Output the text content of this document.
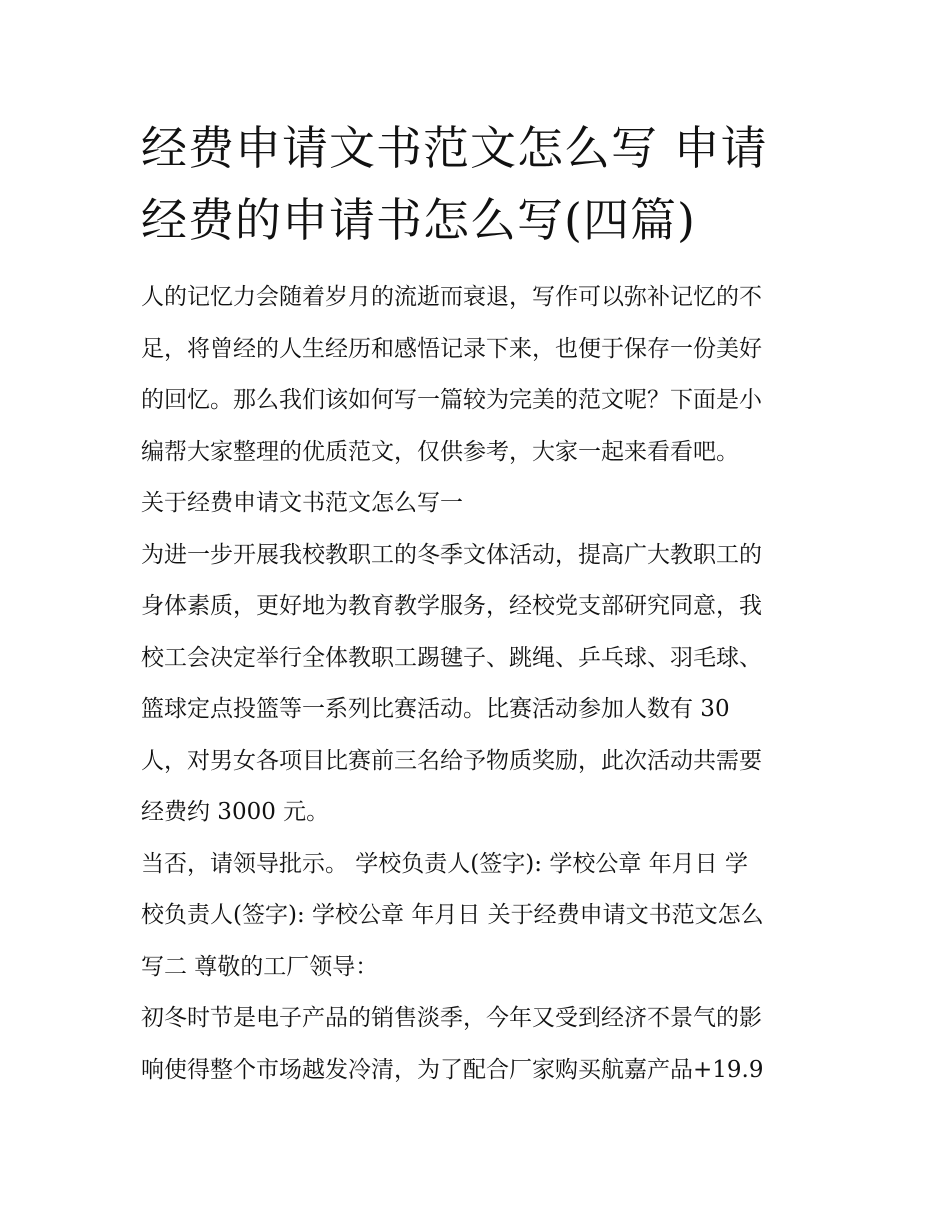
经费申请文书范文怎么写 申请
经费的申请书怎么写(四篇)

人的记忆力会随着岁月的流逝而衰退，写作可以弥补记忆的不

足，将曾经的人生经历和感悟记录下来，也便于保存一份美好

的回忆。那么我们该如何写一篇较为完美的范文呢？下面是小

编帮大家整理的优质范文，仅供参考，大家一起来看看吧。

关于经费申请文书范文怎么写一

为进一步开展我校教职工的冬季文体活动，提高广大教职工的

身体素质，更好地为教育教学服务，经校党支部研究同意，我

校工会决定举行全体教职工踢毽子、跳绳、乒乓球、羽毛球、

篮球定点投篮等一系列比赛活动。比赛活动参加人数有 30

人，对男女各项目比赛前三名给予物质奖励，此次活动共需要

经费约 3000 元。

当否，请领导批示。 学校负责人(签字): 学校公章 年月日 学

校负责人(签字): 学校公章 年月日 关于经费申请文书范文怎么

写二 尊敬的工厂领导：

初冬时节是电子产品的销售淡季，今年又受到经济不景气的影

响使得整个市场越发冷清，为了配合厂家购买航嘉产品+19.9
